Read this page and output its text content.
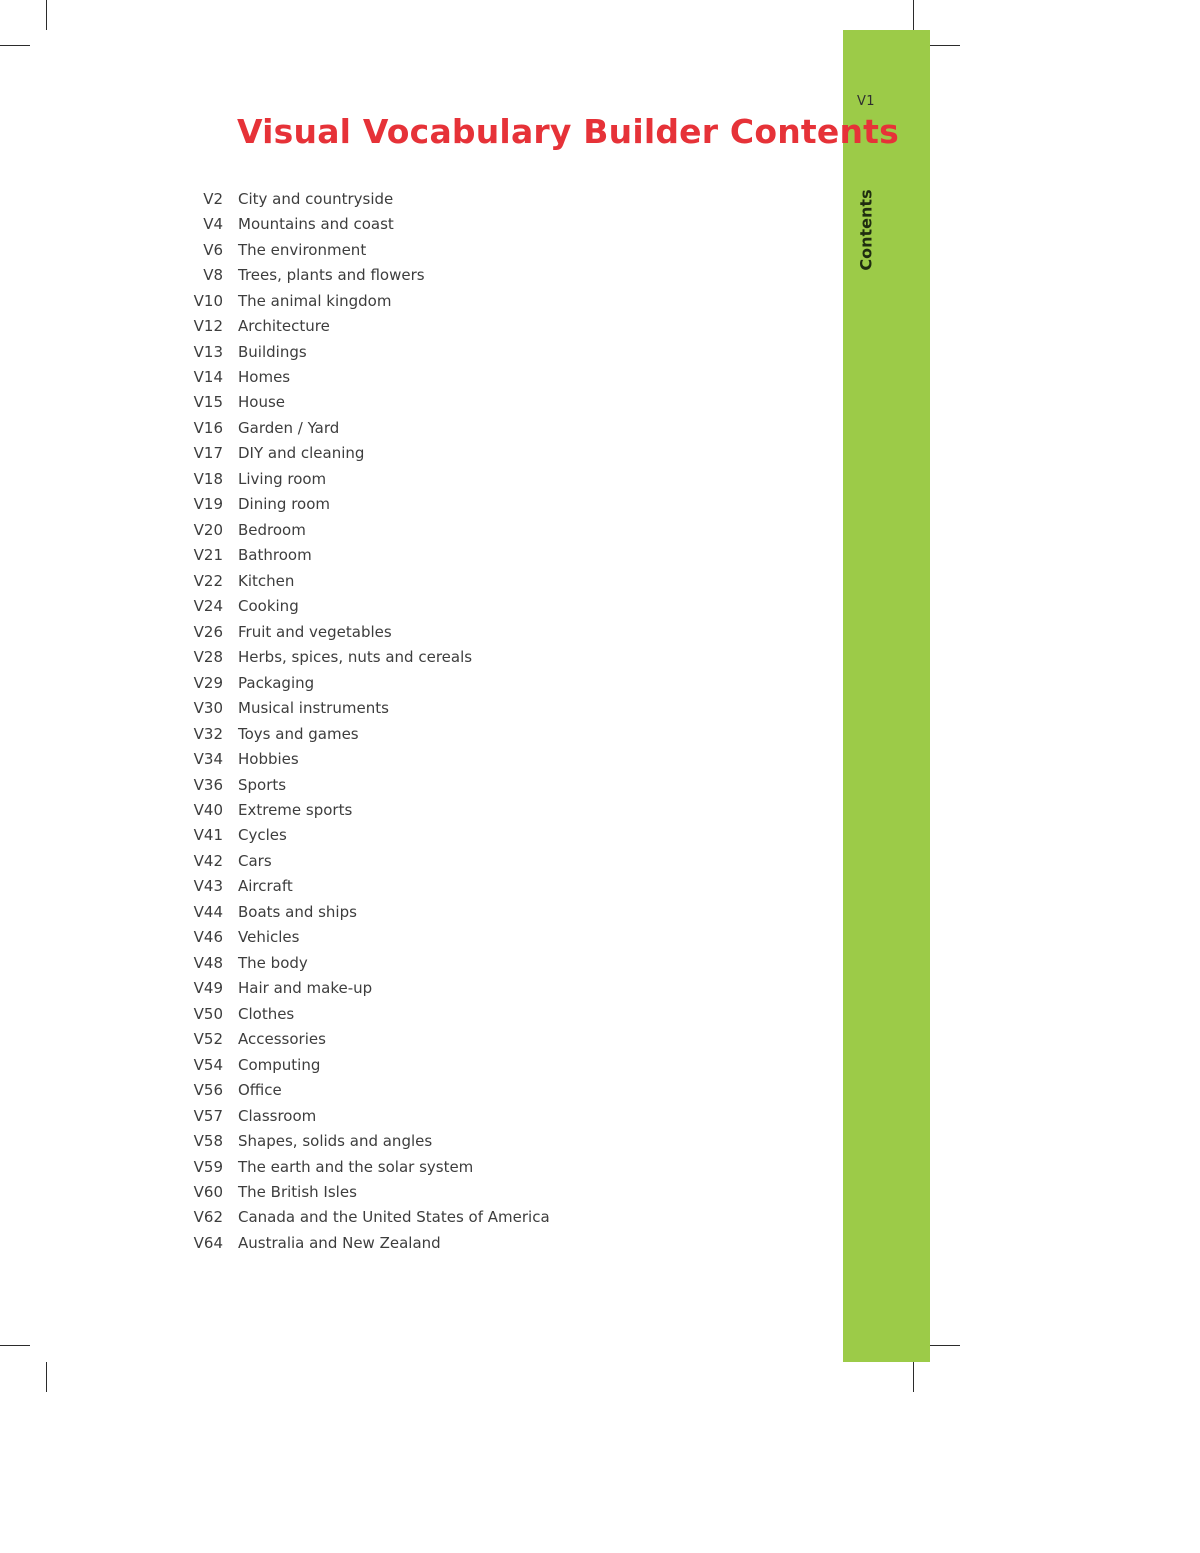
V1
Contents
Visual Vocabulary Builder Contents
V2 City and countryside
V4 Mountains and coast
V6 The environment
V8 Trees, plants and flowers
V10 The animal kingdom
V12 Architecture
V13 Buildings
V14 Homes
V15 House
V16 Garden / Yard
V17 DIY and cleaning
V18 Living room
V19 Dining room
V20 Bedroom
V21 Bathroom
V22 Kitchen
V24 Cooking
V26 Fruit and vegetables
V28 Herbs, spices, nuts and cereals
V29 Packaging
V30 Musical instruments
V32 Toys and games
V34 Hobbies
V36 Sports
V40 Extreme sports
V41 Cycles
V42 Cars
V43 Aircraft
V44 Boats and ships
V46 Vehicles
V48 The body
V49 Hair and make-up
V50 Clothes
V52 Accessories
V54 Computing
V56 Office
V57 Classroom
V58 Shapes, solids and angles
V59 The earth and the solar system
V60 The British Isles
V62 Canada and the United States of America
V64 Australia and New Zealand
